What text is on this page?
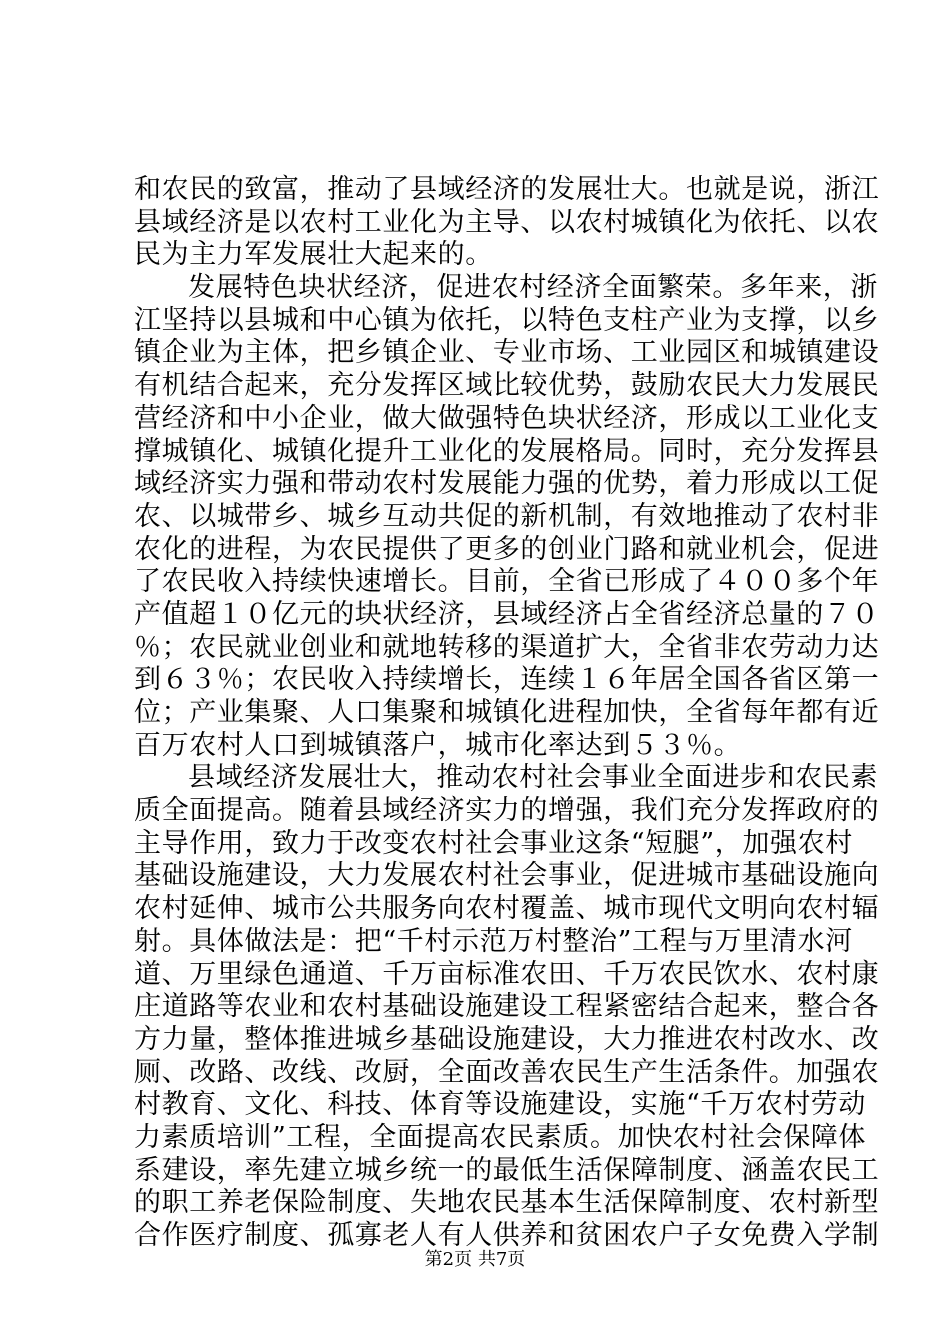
和农民的致富，推动了县域经济的发展壮大。也就是说，浙江
县域经济是以农村工业化为主导、以农村城镇化为依托、以农
民为主力军发展壮大起来的。
发展特色块状经济，促进农村经济全面繁荣。多年来，浙
江坚持以县城和中心镇为依托，以特色支柱产业为支撑，以乡
镇企业为主体，把乡镇企业、专业市场、工业园区和城镇建设
有机结合起来，充分发挥区域比较优势，鼓励农民大力发展民
营经济和中小企业，做大做强特色块状经济，形成以工业化支
撑城镇化、城镇化提升工业化的发展格局。同时，充分发挥县
域经济实力强和带动农村发展能力强的优势，着力形成以工促
农、以城带乡、城乡互动共促的新机制，有效地推动了农村非
农化的进程，为农民提供了更多的创业门路和就业机会，促进
了农民收入持续快速增长。目前，全省已形成了４００多个年
产值超１０亿元的块状经济，县域经济占全省经济总量的７０
％；农民就业创业和就地转移的渠道扩大，全省非农劳动力达
到６３％；农民收入持续增长，连续１６年居全国各省区第一
位；产业集聚、人口集聚和城镇化进程加快，全省每年都有近
百万农村人口到城镇落户，城市化率达到５３％。
县域经济发展壮大，推动农村社会事业全面进步和农民素
质全面提高。随着县域经济实力的增强，我们充分发挥政府的
主导作用，致力于改变农村社会事业这条“短腿”，加强农村
基础设施建设，大力发展农村社会事业，促进城市基础设施向
农村延伸、城市公共服务向农村覆盖、城市现代文明向农村辐
射。具体做法是：把“千村示范万村整治”工程与万里清水河
道、万里绿色通道、千万亩标准农田、千万农民饮水、农村康
庄道路等农业和农村基础设施建设工程紧密结合起来，整合各
方力量，整体推进城乡基础设施建设，大力推进农村改水、改
厕、改路、改线、改厨，全面改善农民生产生活条件。加强农
村教育、文化、科技、体育等设施建设，实施“千万农村劳动
力素质培训”工程，全面提高农民素质。加快农村社会保障体
系建设，率先建立城乡统一的最低生活保障制度、涵盖农民工
的职工养老保险制度、失地农民基本生活保障制度、农村新型
合作医疗制度、孤寡老人有人供养和贫困农户子女免费入学制
第2页 共7页
